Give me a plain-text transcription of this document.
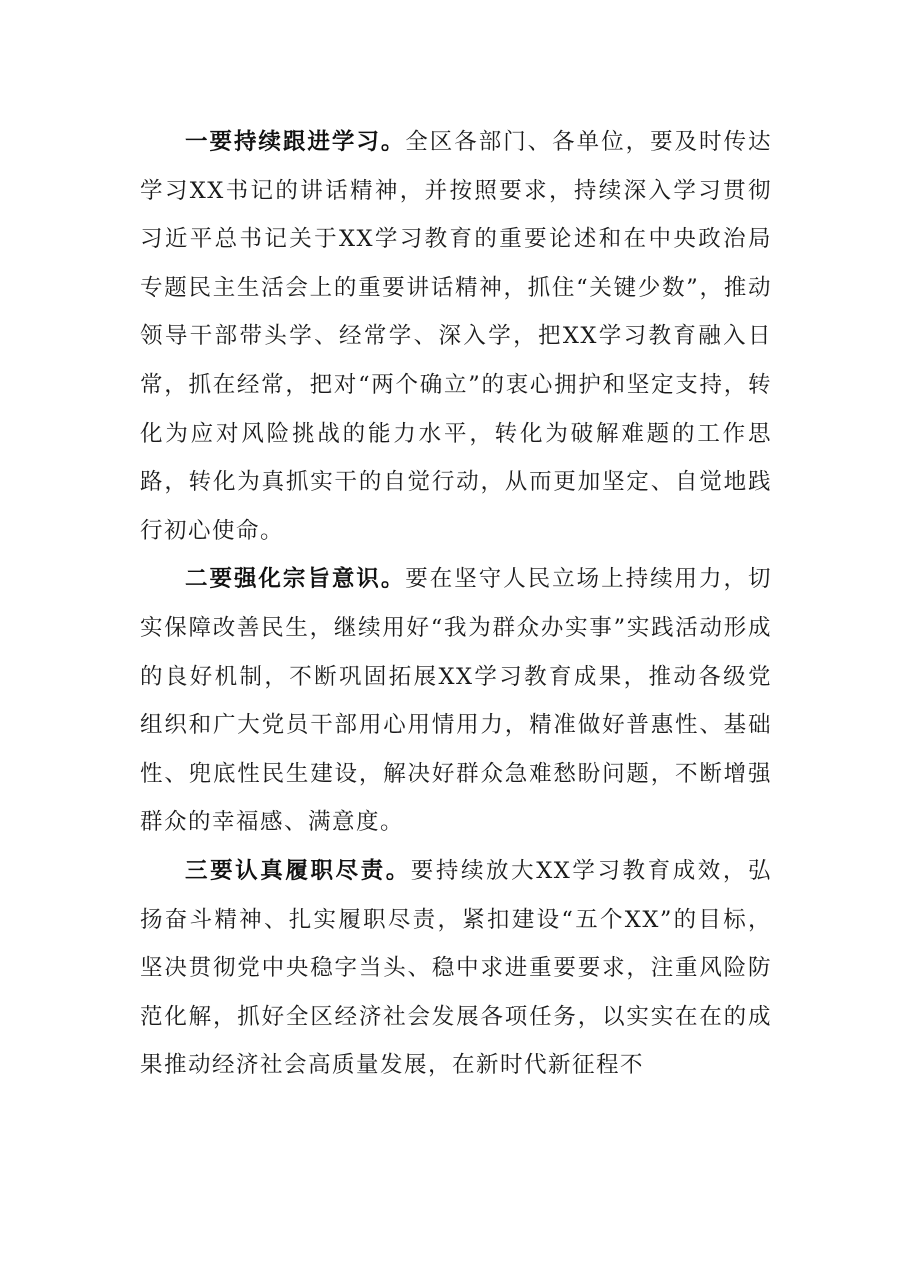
一要持续跟进学习。全区各部门、各单位，要及时传达学习XX书记的讲话精神，并按照要求，持续深入学习贯彻习近平总书记关于XX学习教育的重要论述和在中央政治局专题民主生活会上的重要讲话精神，抓住“关键少数”，推动领导干部带头学、经常学、深入学，把XX学习教育融入日常，抓在经常，把对“两个确立”的衷心拥护和坚定支持，转化为应对风险挑战的能力水平，转化为破解难题的工作思路，转化为真抓实干的自觉行动，从而更加坚定、自觉地践行初心使命。

二要强化宗旨意识。要在坚守人民立场上持续用力，切实保障改善民生，继续用好“我为群众办实事”实践活动形成的良好机制，不断巩固拓展XX学习教育成果，推动各级党组织和广大党员干部用心用情用力，精准做好普惠性、基础性、兜底性民生建设，解决好群众急难愁盼问题，不断增强群众的幸福感、满意度。

三要认真履职尽责。要持续放大XX学习教育成效，弘扬奋斗精神、扎实履职尽责，紧扣建设“五个XX”的目标，坚决贯彻党中央稳字当头、稳中求进重要要求，注重风险防范化解，抓好全区经济社会发展各项任务，以实实在在的成果推动经济社会高质量发展，在新时代新征程不
